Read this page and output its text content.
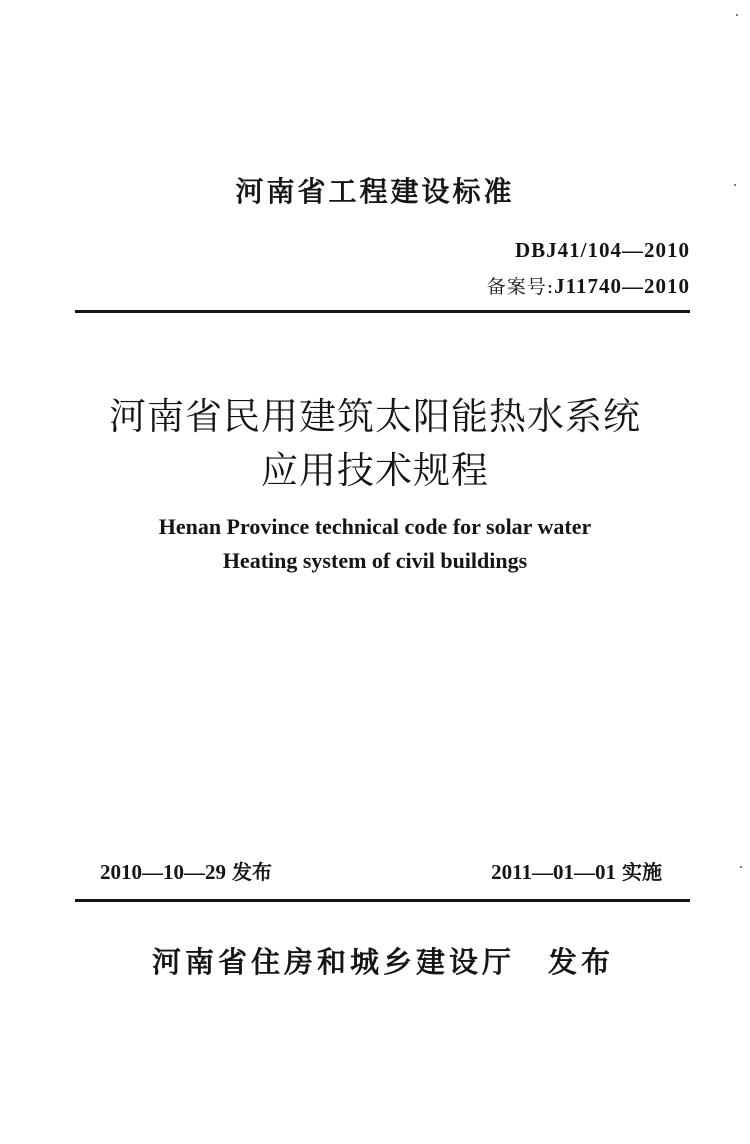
河南省工程建设标准
DBJ41/104—2010
备案号:J11740—2010
河南省民用建筑太阳能热水系统
应用技术规程
Henan Province technical code for solar water
Heating system of civil buildings
2010—10—29 发布	2011—01—01 实施
河南省住房和城乡建设厅 发布
